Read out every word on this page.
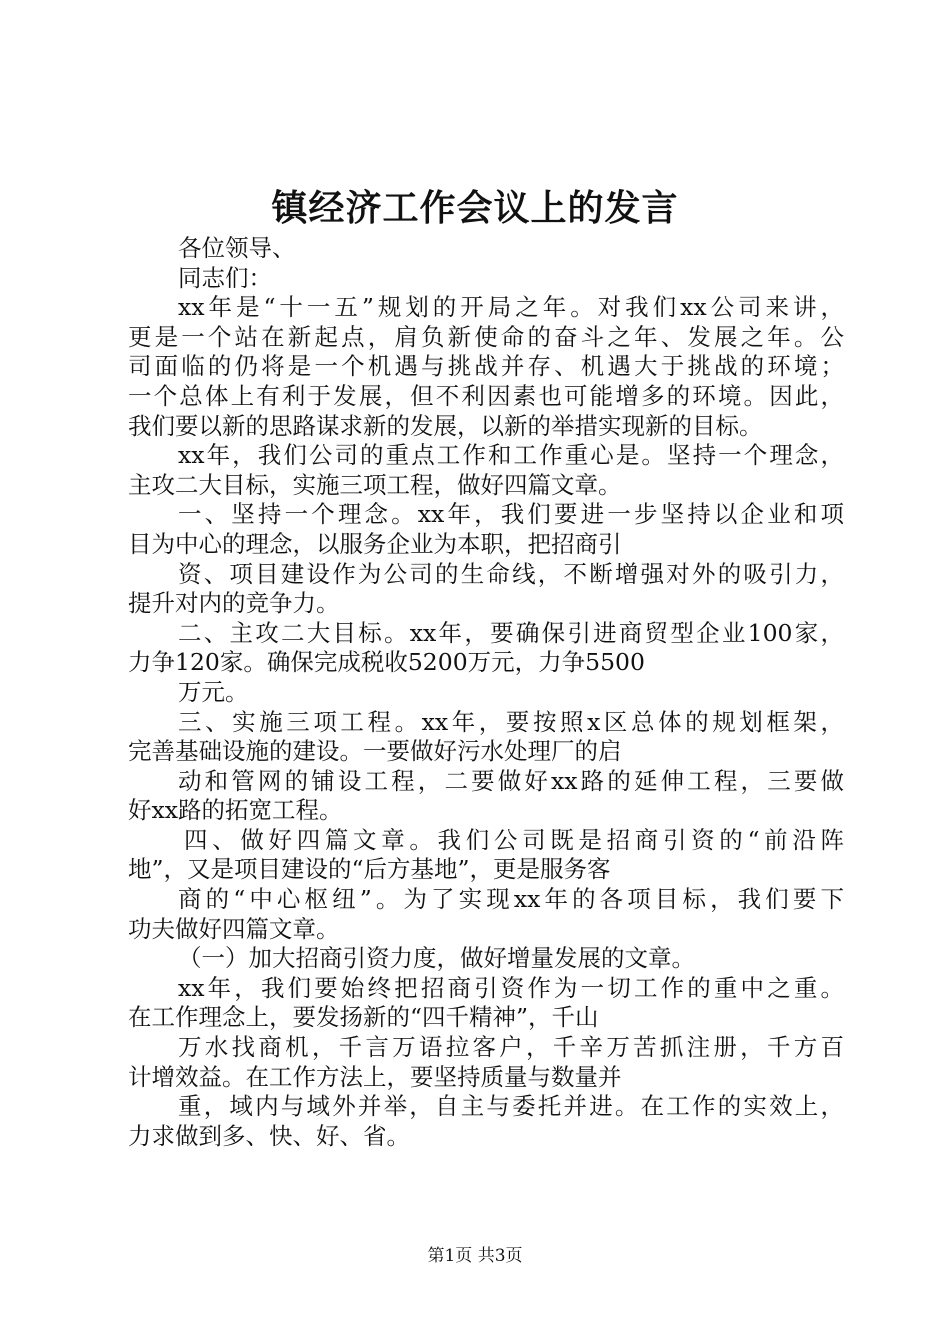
镇经济工作会议上的发言
各位领导、
同志们：
xx年是“十一五”规划的开局之年。对我们xx公司来讲，
更是一个站在新起点，肩负新使命的奋斗之年、发展之年。公
司面临的仍将是一个机遇与挑战并存、机遇大于挑战的环境；
一个总体上有利于发展，但不利因素也可能增多的环境。因此，
我们要以新的思路谋求新的发展，以新的举措实现新的目标。
xx年，我们公司的重点工作和工作重心是。坚持一个理念，
主攻二大目标，实施三项工程，做好四篇文章。
一、坚持一个理念。xx年，我们要进一步坚持以企业和项
目为中心的理念，以服务企业为本职，把招商引
资、项目建设作为公司的生命线，不断增强对外的吸引力，
提升对内的竞争力。
二、主攻二大目标。xx年，要确保引进商贸型企业100家，
力争120家。确保完成税收5200万元，力争5500
万元。
三、实施三项工程。xx年，要按照x区总体的规划框架，
完善基础设施的建设。一要做好污水处理厂的启
动和管网的铺设工程，二要做好xx路的延伸工程，三要做
好xx路的拓宽工程。
四、做好四篇文章。我们公司既是招商引资的“前沿阵
地”，又是项目建设的“后方基地”，更是服务客
商的“中心枢纽”。为了实现xx年的各项目标，我们要下
功夫做好四篇文章。
（一）加大招商引资力度，做好增量发展的文章。
xx年，我们要始终把招商引资作为一切工作的重中之重。
在工作理念上，要发扬新的“四千精神”，千山
万水找商机，千言万语拉客户，千辛万苦抓注册，千方百
计增效益。在工作方法上，要坚持质量与数量并
重，域内与域外并举，自主与委托并进。在工作的实效上，
力求做到多、快、好、省。
第1页 共3页
